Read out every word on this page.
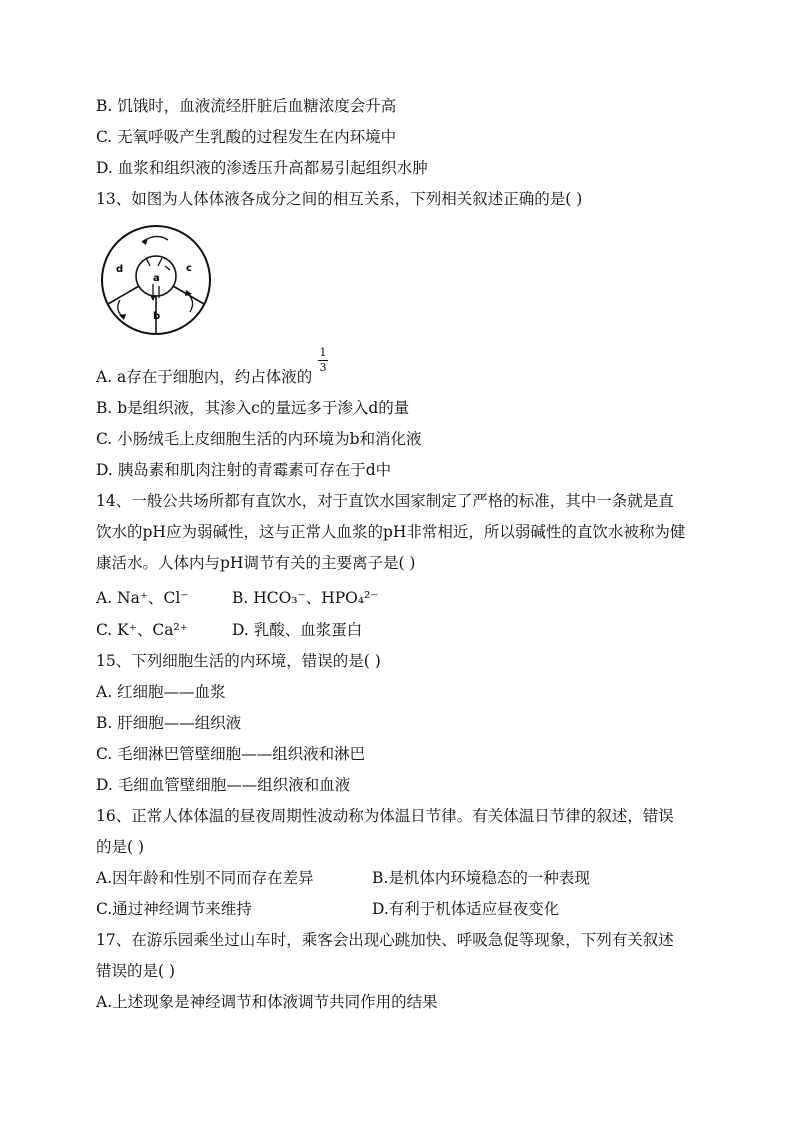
B. 饥饿时，血液流经肝脏后血糖浓度会升高
C. 无氧呼吸产生乳酸的过程发生在内环境中
D. 血浆和组织液的渗透压升高都易引起组织水肿
13、如图为人体体液各成分之间的相互关系，下列相关叙述正确的是( )
a
b
c
d
A. a存在于细胞内，约占体液的
1
3
B. b是组织液，其渗入c的量远多于渗入d的量
C. 小肠绒毛上皮细胞生活的内环境为b和消化液
D. 胰岛素和肌肉注射的青霉素可存在于d中
14、一般公共场所都有直饮水，对于直饮水国家制定了严格的标准，其中一条就是直
饮水的pH应为弱碱性，这与正常人血浆的pH非常相近，所以弱碱性的直饮水被称为健
康活水。人体内与pH调节有关的主要离子是( )
A. Na⁺、Cl⁻	B. HCO₃⁻、HPO₄²⁻
C. K⁺、Ca²⁺	D. 乳酸、血浆蛋白
15、下列细胞生活的内环境，错误的是( )
A. 红细胞——血浆
B. 肝细胞——组织液
C. 毛细淋巴管壁细胞——组织液和淋巴
D. 毛细血管壁细胞——组织液和血液
16、正常人体体温的昼夜周期性波动称为体温日节律。有关体温日节律的叙述，错误
的是( )
A.因年龄和性别不同而存在差异	B.是机体内环境稳态的一种表现
C.通过神经调节来维持	D.有利于机体适应昼夜变化
17、在游乐园乘坐过山车时，乘客会出现心跳加快、呼吸急促等现象，下列有关叙述
错误的是( )
A.上述现象是神经调节和体液调节共同作用的结果
